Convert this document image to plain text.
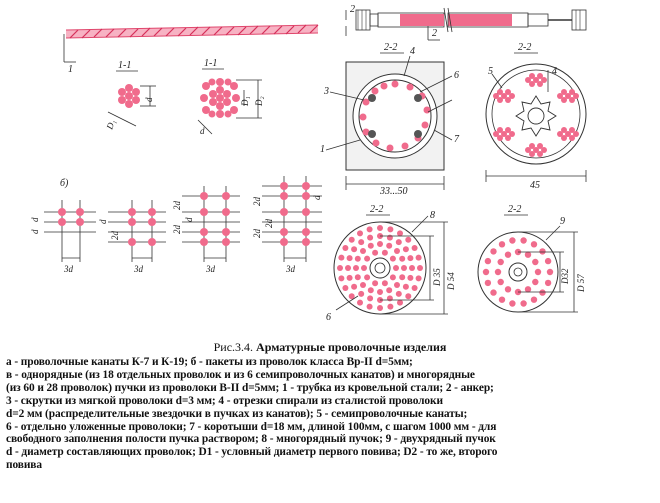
1	1-1
d
D₁
1-1
D₁ D₂
d
2
2
2-2
3
4
6
7
1
33...50
2-2
5	4
45
б)
d
d
3d
d
2d
3d
2d
2d
d
3d
2d
2d
2d
d
3d
2-2
8
6
D 35 D 54
2-2
9
D32 D 57
Рис.3.4. Арматурные проволочные изделия
а - проволочные канаты К-7 и К-19; б - пакеты из проволок класса Вр-II d=5мм;
в - однорядные (из 18 отдельных проволок и из 6 семипроволочных канатов) и многорядные
(из 60 и 28 проволок) пучки из проволоки В-II d=5мм; 1 - трубка из кровельной стали; 2 - анкер;
3 - скрутки из мягкой проволоки d=3 мм; 4 - отрезки спирали из сталистой проволоки
d=2 мм (распределительные звездочки в пучках из канатов); 5 - семипроволочные канаты;
6 - отдельно уложенные проволоки; 7 - коротыши d=18 мм, длиной 100мм, с шагом 1000 мм - для
свободного заполнения полости пучка раствором; 8 - многорядный пучок; 9 - двухрядный пучок
d - диаметр составляющих проволок; D1 - условный диаметр первого повива; D2 - то же, второго
повива
